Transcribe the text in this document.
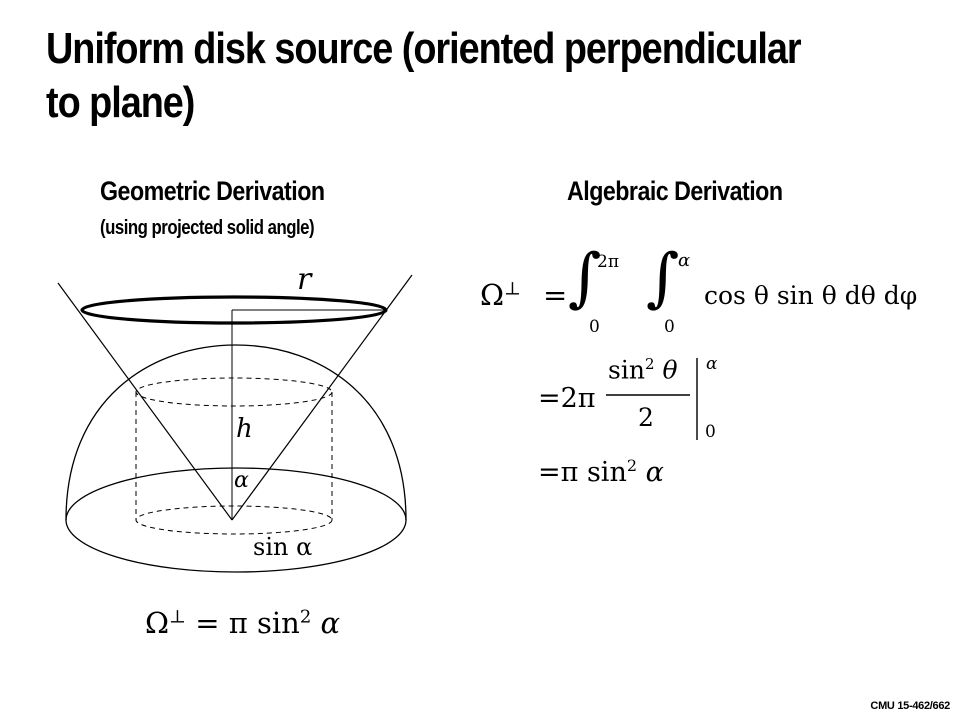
Uniform disk source (oriented perpendicular
to plane)
Geometric Derivation
(using projected solid angle)
Algebraic Derivation
r
h
α
sin α
Ω⊥ = π $\sin^2 \alpha$
Ω⊥ = ∫
2π
0
∫
α
0
cos θ sin θ dθ dφ
=2π
$\sin^2 \theta$
2
α
0
=π $\sin^2 \alpha$
CMU 15-462/662
